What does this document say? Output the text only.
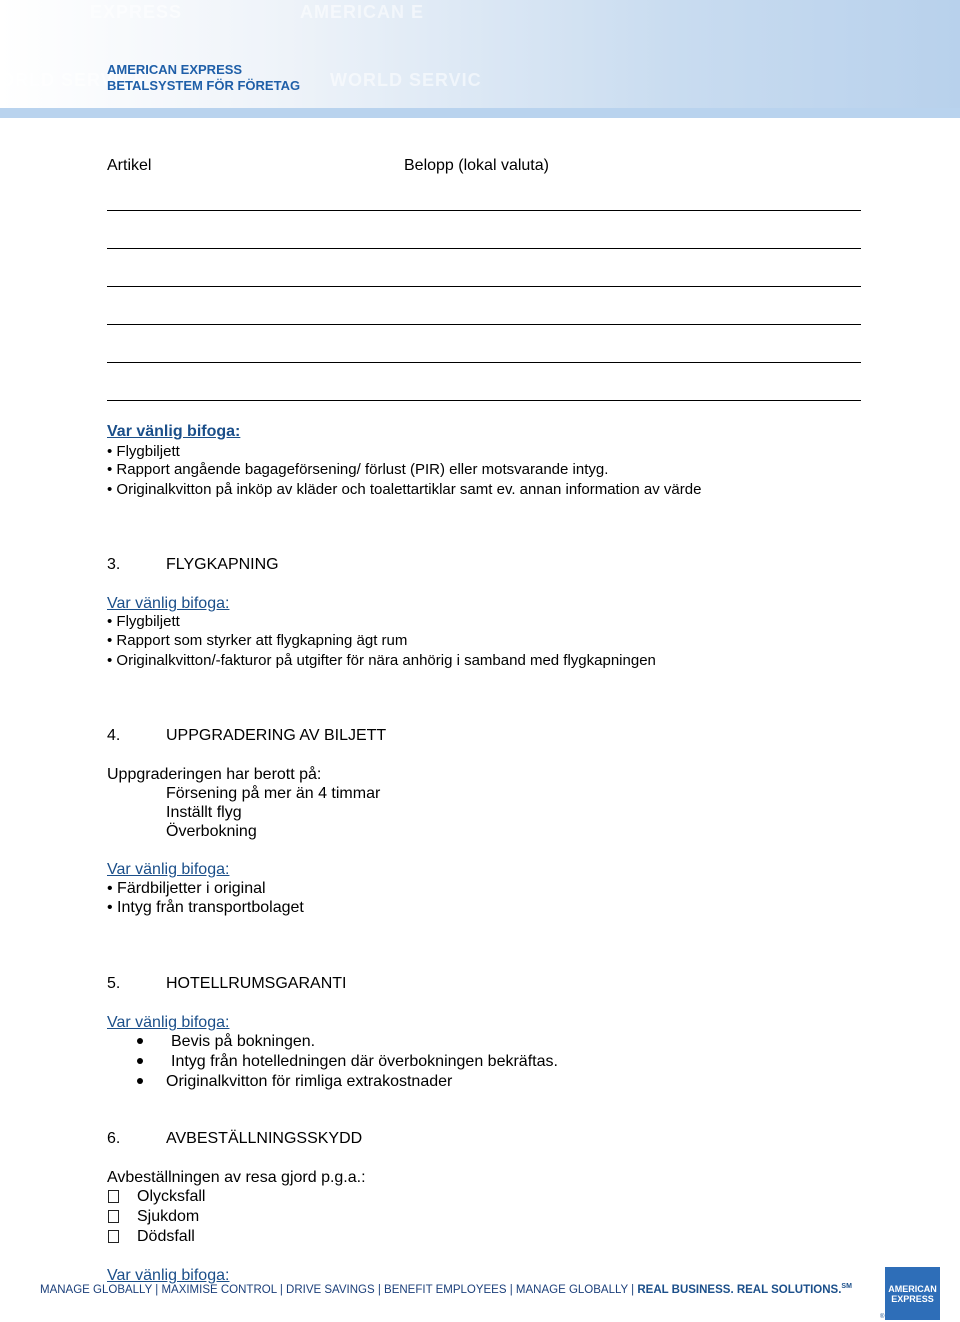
EXPRESS	AMERICAN E
ORLD SERVICE	WORLD SERVIC
AMERICAN EXPRESS
BETALSYSTEM FÖR FÖRETAG
Artikel	Belopp (lokal valuta)
Var vänlig bifoga:
• Flygbiljett
• Rapport angående bagageförsening/ förlust (PIR) eller motsvarande intyg.
• Originalkvitton på inköp av kläder och toalettartiklar samt ev. annan information av värde
3.	FLYGKAPNING
Var vänlig bifoga:
• Flygbiljett
• Rapport som styrker att flygkapning ägt rum
• Originalkvitton/-fakturor på utgifter för nära anhörig i samband med flygkapningen
4.	UPPGRADERING AV BILJETT
Uppgraderingen har berott på:
Försening på mer än 4 timmar
Inställt flyg
Överbokning
Var vänlig bifoga:
• Färdbiljetter i original
• Intyg från transportbolaget
5.	HOTELLRUMSGARANTI
Var vänlig bifoga:
Bevis på bokningen.
Intyg från hotelledningen där överbokningen bekräftas.
Originalkvitton för rimliga extrakostnader
6.	AVBESTÄLLNINGSSKYDD
Avbeställningen av resa gjord p.g.a.:
Olycksfall
Sjukdom
Dödsfall
Var vänlig bifoga:
MANAGE GLOBALLY | MAXIMISE CONTROL | DRIVE SAVINGS | BENEFIT EMPLOYEES | MANAGE GLOBALLY | REAL BUSINESS. REAL SOLUTIONS.℠	AMERICAN
EXPRESS
®
